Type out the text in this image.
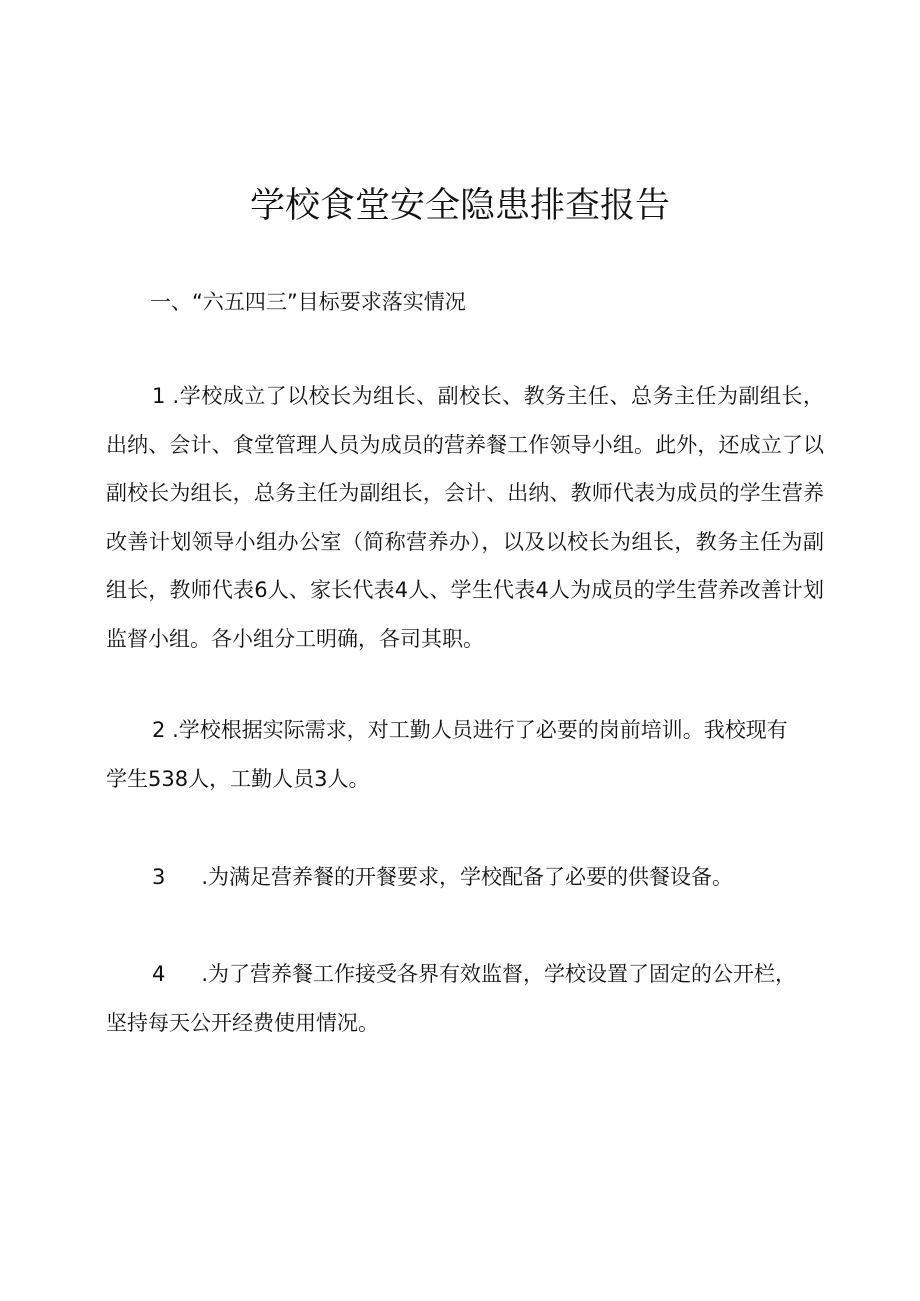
学校食堂安全隐患排查报告
一、“六五四三”目标要求落实情况
1 .学校成立了以校长为组长、副校长、教务主任、总务主任为副组长，
出纳、会计、食堂管理人员为成员的营养餐工作领导小组。此外，还成立了以
副校长为组长，总务主任为副组长，会计、出纳、教师代表为成员的学生营养
改善计划领导小组办公室（简称营养办），以及以校长为组长，教务主任为副
组长，教师代表6人、家长代表4人、学生代表4人为成员的学生营养改善计划
监督小组。各小组分工明确，各司其职。
2 .学校根据实际需求，对工勤人员进行了必要的岗前培训。我校现有
学生538人，工勤人员3人。
3 .为满足营养餐的开餐要求，学校配备了必要的供餐设备。
4 .为了营养餐工作接受各界有效监督，学校设置了固定的公开栏，
坚持每天公开经费使用情况。
